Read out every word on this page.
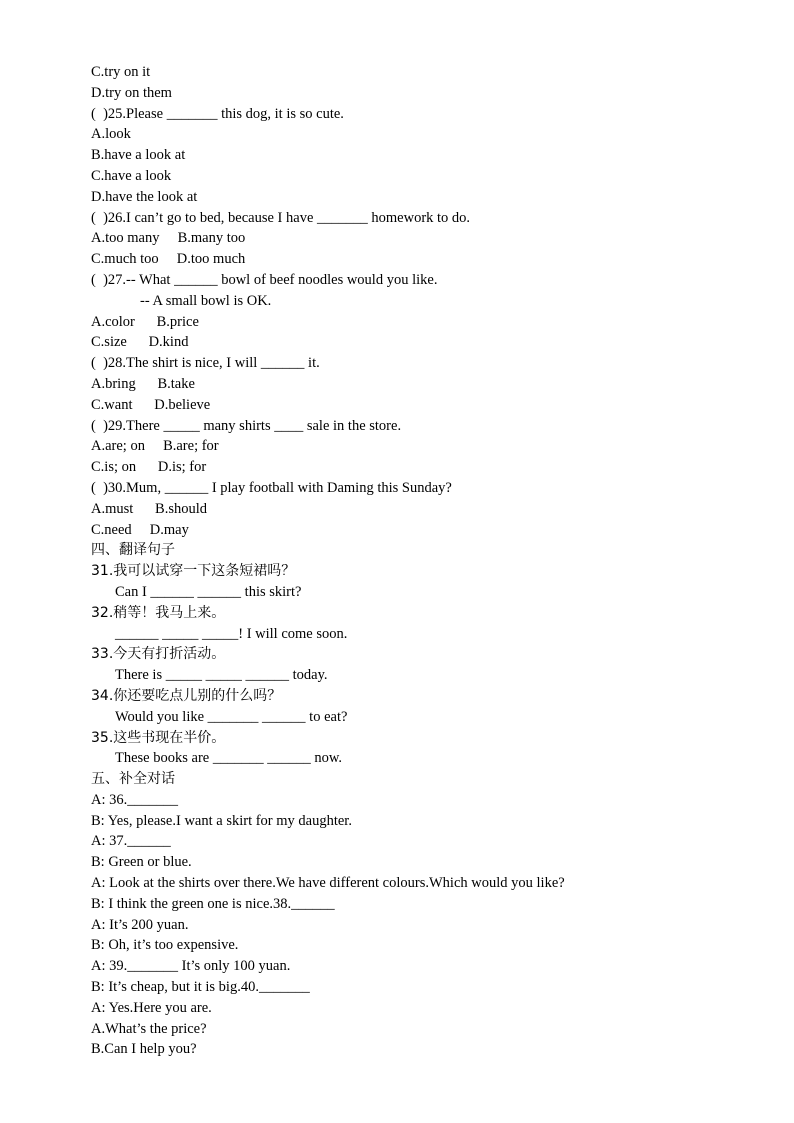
C.try on it
D.try on them
(  )25.Please _______ this dog, it is so cute.
A.look
B.have a look at
C.have a look
D.have the look at
(  )26.I can’t go to bed, because I have _______ homework to do.
A.too many     B.many too
C.much too     D.too much
(  )27.-- What ______ bowl of beef noodles would you like.
-- A small bowl is OK.
A.color      B.price
C.size      D.kind
(  )28.The shirt is nice, I will ______ it.
A.bring      B.take
C.want      D.believe
(  )29.There _____ many shirts ____ sale in the store.
A.are; on     B.are; for
C.is; on      D.is; for
(  )30.Mum, ______ I play football with Daming this Sunday?
A.must      B.should
C.need     D.may
四、翻译句子
31.我可以试穿一下这条短裙吗？
Can I ______ ______ this skirt?
32.稍等！我马上来。
______ _____ _____! I will come soon.
33.今天有打折活动。
There is _____ _____ ______ today.
34.你还要吃点儿别的什么吗？
Would you like _______ ______ to eat?
35.这些书现在半价。
These books are _______ ______ now.
五、补全对话
A: 36._______
B: Yes, please.I want a skirt for my daughter.
A: 37.______
B: Green or blue.
A: Look at the shirts over there.We have different colours.Which would you like?
B: I think the green one is nice.38.______
A: It’s 200 yuan.
B: Oh, it’s too expensive.
A: 39._______ It’s only 100 yuan.
B: It’s cheap, but it is big.40._______
A: Yes.Here you are.
A.What’s the price?
B.Can I help you?
